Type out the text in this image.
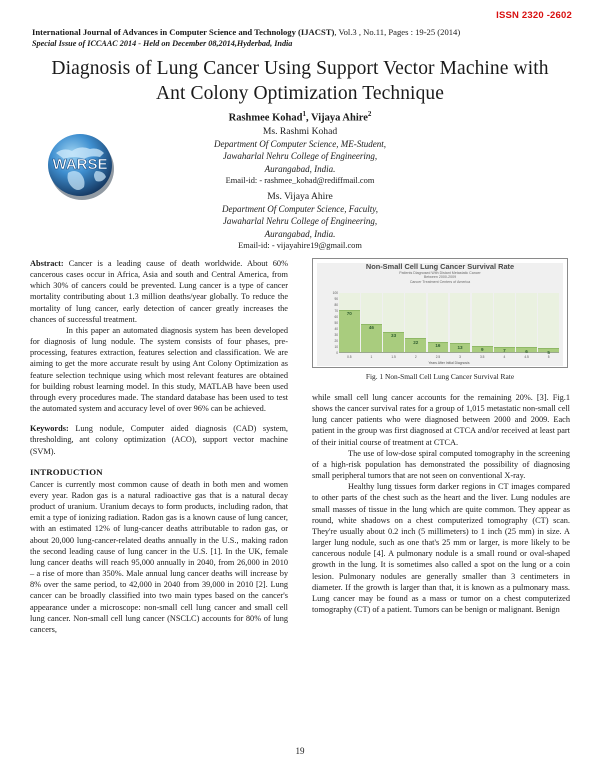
ISSN 2320 -2602
International Journal of Advances in Computer Science and Technology (IJACST), Vol.3 , No.11, Pages : 19-25 (2014)
Special Issue of ICCAAC 2014 - Held on December 08,2014,Hyderbad, India
Diagnosis of Lung Cancer Using Support Vector Machine with Ant Colony Optimization Technique
Rashmee Kohad$^1$, Vijaya Ahire$^2$
Ms. Rashmi Kohad
Department Of Computer Science, ME-Student,
Jawaharlal Nehru College of Engineering,
Aurangabad, India.
Email-id: - rashmee_kohad@rediffmail.com
Ms. Vijaya Ahire
Department Of Computer Science, Faculty,
Jawaharlal Nehru College of Engineering,
Aurangabad, India.
Email-id: - vijayahire19@gmail.com
WARSE

Abstract: Cancer is a leading cause of death worldwide. About 60% cancerous cases occur in Africa, Asia and south and Central America, from which 30% of cancers could be prevented. Lung cancer is a type of cancer mortality contributing about 1.3 million deaths/year globally. To reduce the mortality of lung cancer, early detection of cancer greatly increases the chances of successful treatment.

In this paper an automated diagnosis system has been developed for diagnosis of lung nodule. The system consists of four phases, pre-processing, features extraction, features selection and classification. We are aiming to get the more accurate result by using Ant Colony Optimization as feature selection technique using which most relevant features are obtained for building robust learning model. In this study, MATLAB have been used through every procedures made. The standard database has been used to test the automated system and accuracy level of over 96% can be achieved.

Keywords: Lung nodule, Computer aided diagnosis (CAD) system, thresholding, ant colony optimization (ACO), support vector machine (SVM).

INTRODUCTION

Cancer is currently most common cause of death in both men and women every year. Radon gas is a natural radioactive gas that is a natural decay product of uranium. Uranium decays to form products, including radon, that emit a type of ionizing radiation. Radon gas is a known cause of lung cancer, with an estimated 12% of lung-cancer deaths attributable to radon gas, or about 20,000 lung-cancer-related deaths annually in the U.S., making radon the second leading cause of lung cancer in the U.S. [1]. In the UK, female lung cancer deaths will reach 95,000 annually in 2040, from 26,000 in 2010 – a rise of more than 350%. Male annual lung cancer deaths will increase by 8% over the same period, to 42,000 in 2040 from 39,000 in 2010 [2]. Lung cancer can be broadly classified into two main types based on the cancer's appearance under a microscope: non-small cell lung cancer and small cell lung cancer. Non-small cell lung cancer (NSCLC) accounts for 80% of lung cancers,

Non-Small Cell Lung Cancer Survival Rate
Patients Diagnosed With Distant Metastatic Cancer
Between 2000-2009
Cancer Treatment Centers of America
0
10
20
30
40
50
60
70
80
90
100
70
46
33
22
16	13	9	7	6	5
0.5	1	1.5	2	2.5	3	3.5	4	4.5	5
Years After Initial Diagnosis
Fig. 1 Non-Small Cell Lung Cancer Survival Rate

while small cell lung cancer accounts for the remaining 20%. [3]. Fig.1 shows the cancer survival rates for a group of 1,015 metastatic non-small cell lung cancer patients who were diagnosed between 2000 and 2009. Each patient in the group was first diagnosed at CTCA and/or received at least part of their initial course of treatment at CTCA.

The use of low-dose spiral computed tomography in the screening of a high-risk population has demonstrated the possibility of diagnosing small peripheral tumors that are not seen on conventional X-ray.

Healthy lung tissues form darker regions in CT images compared to other parts of the chest such as the heart and the liver. Lung nodules are small masses of tissue in the lung which are quite common. They appear as round, white shadows on a chest computerized tomography (CT) scan. They're usually about 0.2 inch (5 millimeters) to 1 inch (25 mm) in size. A larger lung nodule, such as one that's 25 mm or larger, is more likely to be cancerous nodule [4]. A pulmonary nodule is a small round or oval-shaped growth in the lung. It is sometimes also called a spot on the lung or a coin lesion. Pulmonary nodules are generally smaller than 3 centimeters in diameter. If the growth is larger than that, it is known as a pulmonary mass. Lung cancer may be found as a mass or tumor on a chest computerized tomography (CT) of a patient. Tumors can be benign or malignant. Benign

19
